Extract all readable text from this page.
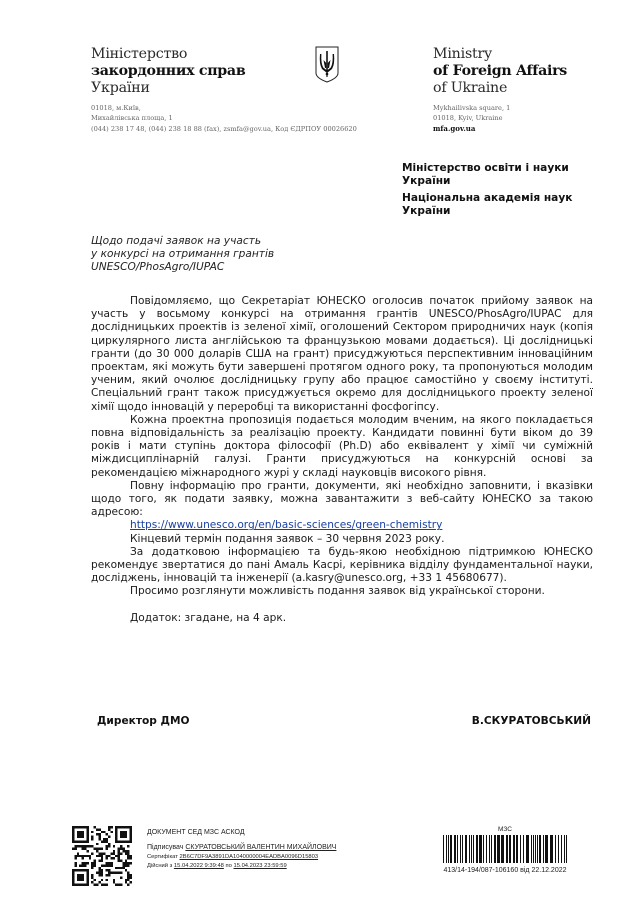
Міністерство
закордонних справ
України
01018, м.Київ,
Михайлівська площа, 1
(044) 238 17 48, (044) 238 18 88 (fax), zsmfa@gov.ua, Код ЄДРПОУ 00026620
Ministry
of Foreign Affairs
of Ukraine
Mykhailivska square, 1
01018, Kyiv, Ukraine
mfa.gov.ua
Міністерство освіти і науки України
Національна академія наук України
Щодо подачі заявок на участь
у конкурсі на отримання грантів
UNESCO/PhosAgro/IUPAC

Повідомляємо, що Секретаріат ЮНЕСКО оголосив початок прийому заявок на участь у восьмому конкурсі на отримання грантів UNESCO/PhosAgro/IUPAC для дослідницьких проектів із зеленої хімії, оголошений Сектором природничих наук (копія циркулярного листа англійською та французькою мовами додається). Ці дослідницькі гранти (до 30 000 доларів США на грант) присуджуються перспективним інноваційним проектам, які можуть бути завершені протягом одного року, та пропонуються молодим ученим, який очолює дослідницьку групу або працює самостійно у своєму інституті. Спеціальний грант також присуджується окремо для дослідницького проекту зеленої хімії щодо інновацій у переробці та використанні фосфогіпсу.

Кожна проектна пропозиція подається молодим вченим, на якого покладається повна відповідальність за реалізацію проекту. Кандидати повинні бути віком до 39 років і мати ступінь доктора філософії (Ph.D) або еквівалент у хімії чи суміжній міждисциплінарній галузі. Гранти присуджуються на конкурсній основі за рекомендацією міжнародного журі у складі науковців високого рівня.

Повну інформацію про гранти, документи, які необхідно заповнити, і вказівки щодо того, як подати заявку, можна завантажити з веб-сайту ЮНЕСКО за такою адресою:

https://www.unesco.org/en/basic-sciences/green-chemistry

Кінцевий термін подання заявок – 30 червня 2023 року.

За додатковою інформацією та будь-якою необхідною підтримкою ЮНЕСКО рекомендує звертатися до пані Амаль Касрі, керівника відділу фундаментальної науки, досліджень, інновацій та інженерії (a.kasry@unesco.org, +33 1 45680677).

Просимо розглянути можливість подання заявок від української сторони.

Додаток: згадане, на 4 арк.

Директор ДМО	В.СКУРАТОВСЬКИЙ
ДОКУМЕНТ СЕД МЗС АСКОД
Підписувач СКУРАТОВСЬКИЙ ВАЛЕНТИН МИХАЙЛОВИЧ
Сертифікат 2B6C7DF9A3891DA1040000004EADBA0096D15803
Дійсний з 15.04.2022 9:39:48 по 15.04.2023 23:59:59
МЗС
413/14-194/087-106160 від 22.12.2022
